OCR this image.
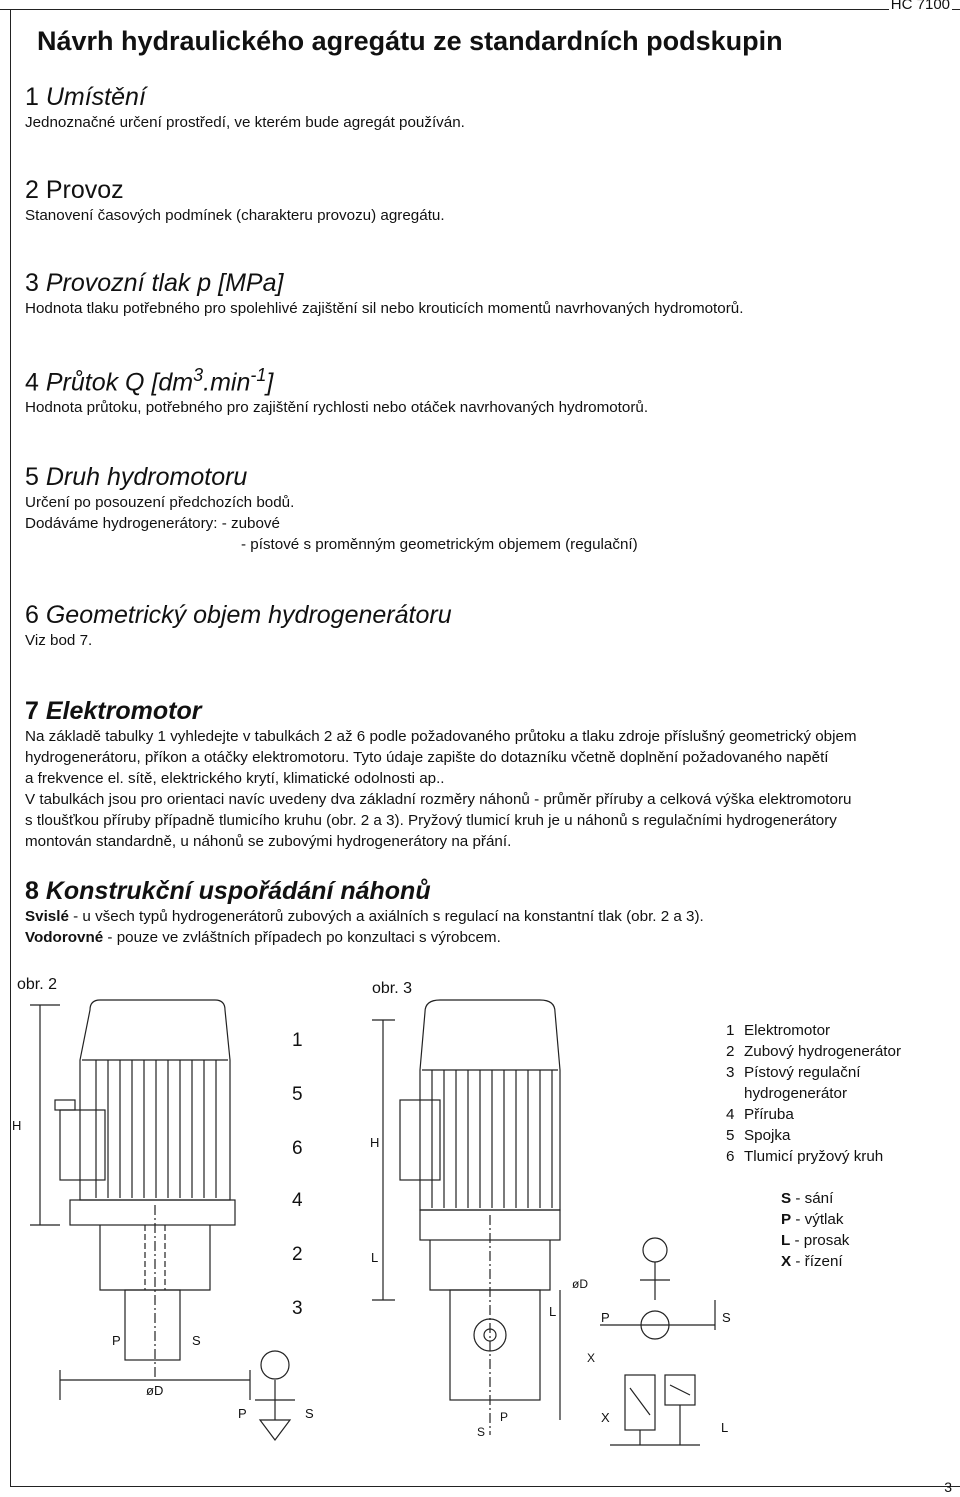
HC 7100
Návrh hydraulického agregátu ze standardních podskupin
1 Umístění
Jednoznačné určení prostředí, ve kterém bude agregát používán.
2 Provoz
Stanovení časových podmínek (charakteru provozu) agregátu.
3 Provozní tlak p [MPa]
Hodnota tlaku potřebného pro spolehlivé zajištění sil nebo krouticích momentů navrhovaných hydromotorů.
4 Průtok Q $[dm^3.\min^{-1}]$
Hodnota průtoku, potřebného pro zajištění rychlosti nebo otáček navrhovaných hydromotorů.
5 Druh hydromotoru
Určení po posouzení předchozích bodů.
Dodáváme hydrogenerátory: - zubové
- pístové s proměnným geometrickým objemem (regulační)
6 Geometrický objem hydrogenerátoru
Viz bod 7.
7 Elektromotor
Na základě tabulky 1 vyhledejte v tabulkách 2 až 6 podle požadovaného průtoku a tlaku zdroje příslušný geometrický objem
hydrogenerátoru, příkon a otáčky elektromotoru. Tyto údaje zapište do dotazníku včetně doplnění požadovaného napětí
a frekvence el. sítě, elektrického krytí, klimatické odolnosti ap..
V tabulkách jsou pro orientaci navíc uvedeny dva základní rozměry náhonů - průměr příruby a celková výška elektromotoru
s tloušťkou příruby případně tlumicího kruhu (obr. 2 a 3). Pryžový tlumicí kruh je u náhonů s regulačními hydrogenerátory
montován standardně, u náhonů se zubovými hydrogenerátory na přání.
8 Konstrukční uspořádání náhonů
Svislé - u všech typů hydrogenerátorů zubových a axiálních s regulací na konstantní tlak (obr. 2 a 3).
Vodorovné - pouze ve zvláštních případech po konzultaci s výrobcem.
obr. 2	obr. 3
1
5
6
4
2
3
H
H
L
øD
øD
P	S
P	S
P	S
L
L
X
X
P
S
1 Elektromotor
2 Zubový hydrogenerátor
3 Pístový regulační
hydrogenerátor
4 Příruba
5 Spojka
6 Tlumicí pryžový kruh
S - sání
P - výtlak
L - prosak
X - řízení
3
